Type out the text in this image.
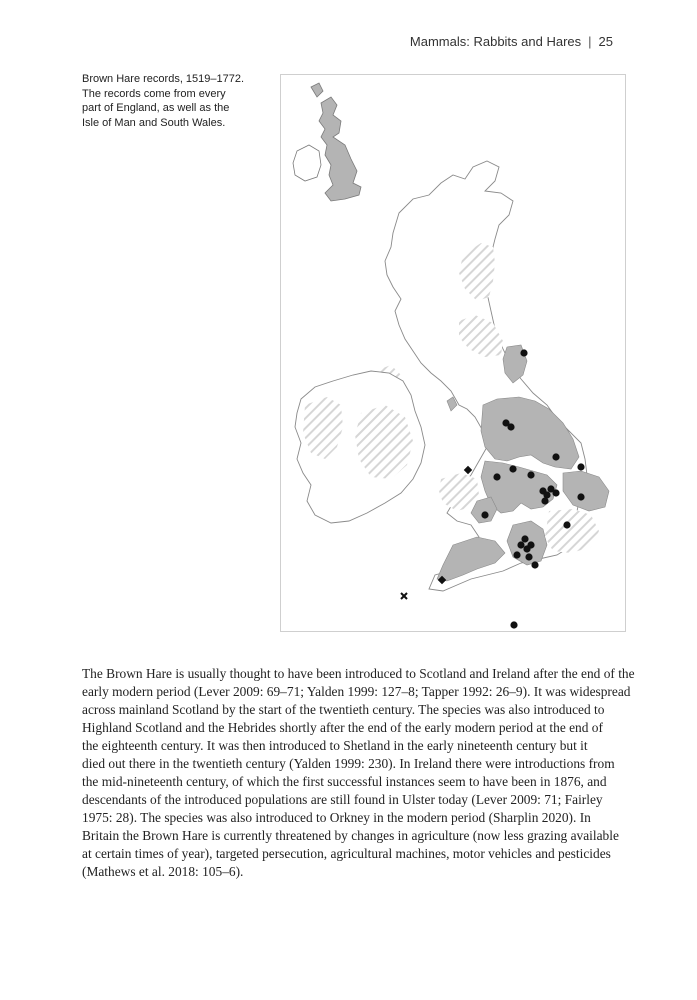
Mammals: Rabbits and Hares | 25
Brown Hare records, 1519–1772.
The records come from every
part of England, as well as the
Isle of Man and South Wales.
The Brown Hare is usually thought to have been introduced to Scotland and Ireland after the end of the
early modern period (Lever 2009: 69–71; Yalden 1999: 127–8; Tapper 1992: 26–9). It was widespread
across mainland Scotland by the start of the twentieth century. The species was also introduced to
Highland Scotland and the Hebrides shortly after the end of the early modern period at the end of
the eighteenth century. It was then introduced to Shetland in the early nineteenth century but it
died out there in the twentieth century (Yalden 1999: 230). In Ireland there were introductions from
the mid-nineteenth century, of which the first successful instances seem to have been in 1876, and
descendants of the introduced populations are still found in Ulster today (Lever 2009: 71; Fairley
1975: 28). The species was also introduced to Orkney in the modern period (Sharplin 2020). In
Britain the Brown Hare is currently threatened by changes in agriculture (now less grazing available
at certain times of year), targeted persecution, agricultural machines, motor vehicles and pesticides
(Mathews et al. 2018: 105–6).
